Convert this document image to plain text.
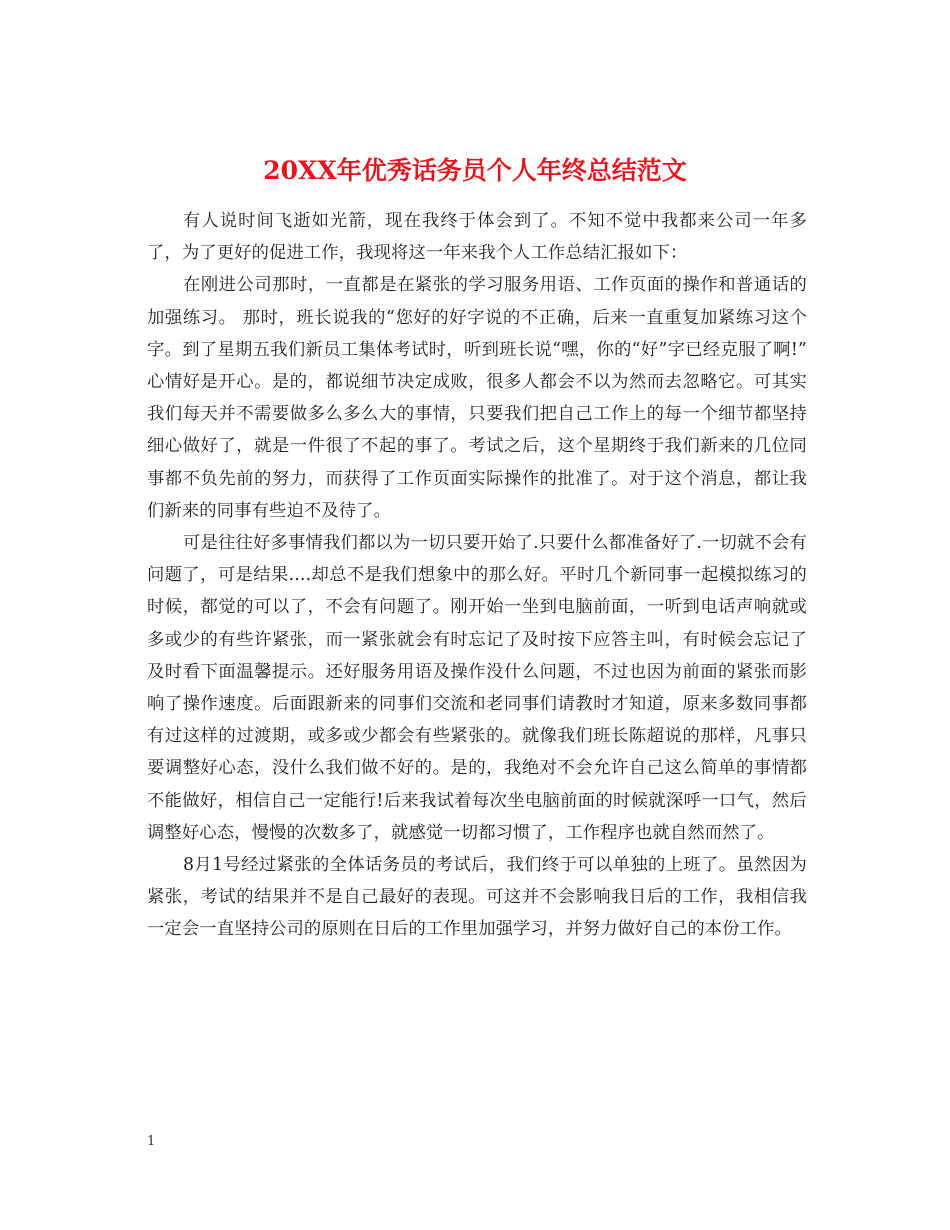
20XX年优秀话务员个人年终总结范文

有人说时间飞逝如光箭，现在我终于体会到了。不知不觉中我都来公司一年多了，为了更好的促进工作，我现将这一年来我个人工作总结汇报如下：

在刚进公司那时，一直都是在紧张的学习服务用语、工作页面的操作和普通话的加强练习。 那时，班长说我的“您好的好字说的不正确，后来一直重复加紧练习这个字。到了星期五我们新员工集体考试时，听到班长说“嘿，你的“好”字已经克服了啊!” 心情好是开心。是的，都说细节决定成败，很多人都会不以为然而去忽略它。可其实我们每天并不需要做多么多么大的事情，只要我们把自己工作上的每一个细节都坚持细心做好了，就是一件很了不起的事了。考试之后，这个星期终于我们新来的几位同事都不负先前的努力，而获得了工作页面实际操作的批准了。对于这个消息，都让我们新来的同事有些迫不及待了。

可是往往好多事情我们都以为一切只要开始了.只要什么都准备好了.一切就不会有问题了，可是结果....却总不是我们想象中的那么好。平时几个新同事一起模拟练习的时候，都觉的可以了，不会有问题了。刚开始一坐到电脑前面，一听到电话声响就或多或少的有些许紧张，而一紧张就会有时忘记了及时按下应答主叫，有时候会忘记了及时看下面温馨提示。还好服务用语及操作没什么问题，不过也因为前面的紧张而影响了操作速度。后面跟新来的同事们交流和老同事们请教时才知道，原来多数同事都有过这样的过渡期，或多或少都会有些紧张的。就像我们班长陈超说的那样，凡事只要调整好心态，没什么我们做不好的。是的，我绝对不会允许自己这么简单的事情都不能做好，相信自己一定能行!后来我试着每次坐电脑前面的时候就深呼一口气，然后调整好心态，慢慢的次数多了，就感觉一切都习惯了，工作程序也就自然而然了。

8月1号经过紧张的全体话务员的考试后，我们终于可以单独的上班了。虽然因为紧张，考试的结果并不是自己最好的表现。可这并不会影响我日后的工作，我相信我一定会一直坚持公司的原则在日后的工作里加强学习，并努力做好自己的本份工作。

1
